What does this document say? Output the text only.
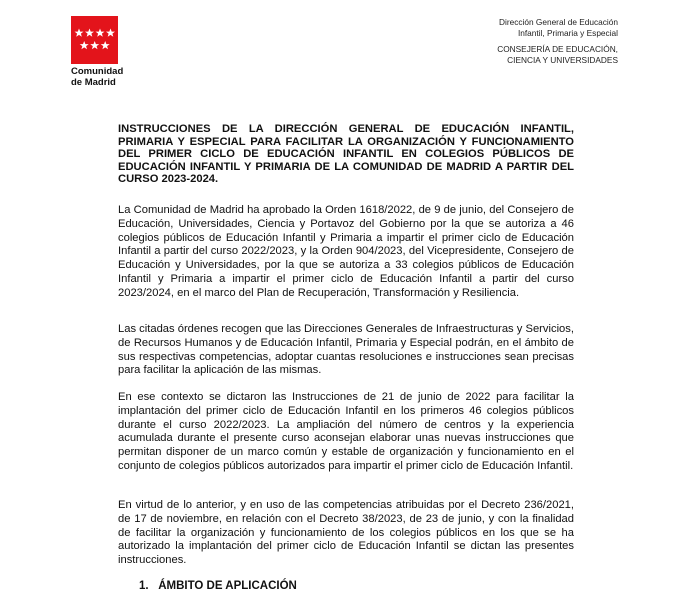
Comunidad
de Madrid
Dirección General de Educación
Infantil, Primaria y Especial
CONSEJERÍA DE EDUCACIÓN,
CIENCIA Y UNIVERSIDADES
INSTRUCCIONES DE LA DIRECCIÓN GENERAL DE EDUCACIÓN INFANTIL, PRIMARIA Y ESPECIAL PARA FACILITAR LA ORGANIZACIÓN Y FUNCIONAMIENTO DEL PRIMER CICLO DE EDUCACIÓN INFANTIL EN COLEGIOS PÚBLICOS DE EDUCACIÓN INFANTIL Y PRIMARIA DE LA COMUNIDAD DE MADRID A PARTIR DEL CURSO 2023-2024.
La Comunidad de Madrid ha aprobado la Orden 1618/2022, de 9 de junio, del Consejero de Educación, Universidades, Ciencia y Portavoz del Gobierno por la que se autoriza a 46 colegios públicos de Educación Infantil y Primaria a impartir el primer ciclo de Educación Infantil a partir del curso 2022/2023, y la Orden 904/2023, del Vicepresidente, Consejero de Educación y Universidades, por la que se autoriza a 33 colegios públicos de Educación Infantil y Primaria a impartir el primer ciclo de Educación Infantil a partir del curso 2023/2024, en el marco del Plan de Recuperación, Transformación y Resiliencia.
Las citadas órdenes recogen que las Direcciones Generales de Infraestructuras y Servicios, de Recursos Humanos y de Educación Infantil, Primaria y Especial podrán, en el ámbito de sus respectivas competencias, adoptar cuantas resoluciones e instrucciones sean precisas para facilitar la aplicación de las mismas.
En ese contexto se dictaron las Instrucciones de 21 de junio de 2022 para facilitar la implantación del primer ciclo de Educación Infantil en los primeros 46 colegios públicos durante el curso 2022/2023. La ampliación del número de centros y la experiencia acumulada durante el presente curso aconsejan elaborar unas nuevas instrucciones que permitan disponer de un marco común y estable de organización y funcionamiento en el conjunto de colegios públicos autorizados para impartir el primer ciclo de Educación Infantil.
En virtud de lo anterior, y en uso de las competencias atribuidas por el Decreto 236/2021, de 17 de noviembre, en relación con el Decreto 38/2023, de 23 de junio, y con la finalidad de facilitar la organización y funcionamiento de los colegios públicos en los que se ha autorizado la implantación del primer ciclo de Educación Infantil se dictan las presentes instrucciones.
1. ÁMBITO DE APLICACIÓN
